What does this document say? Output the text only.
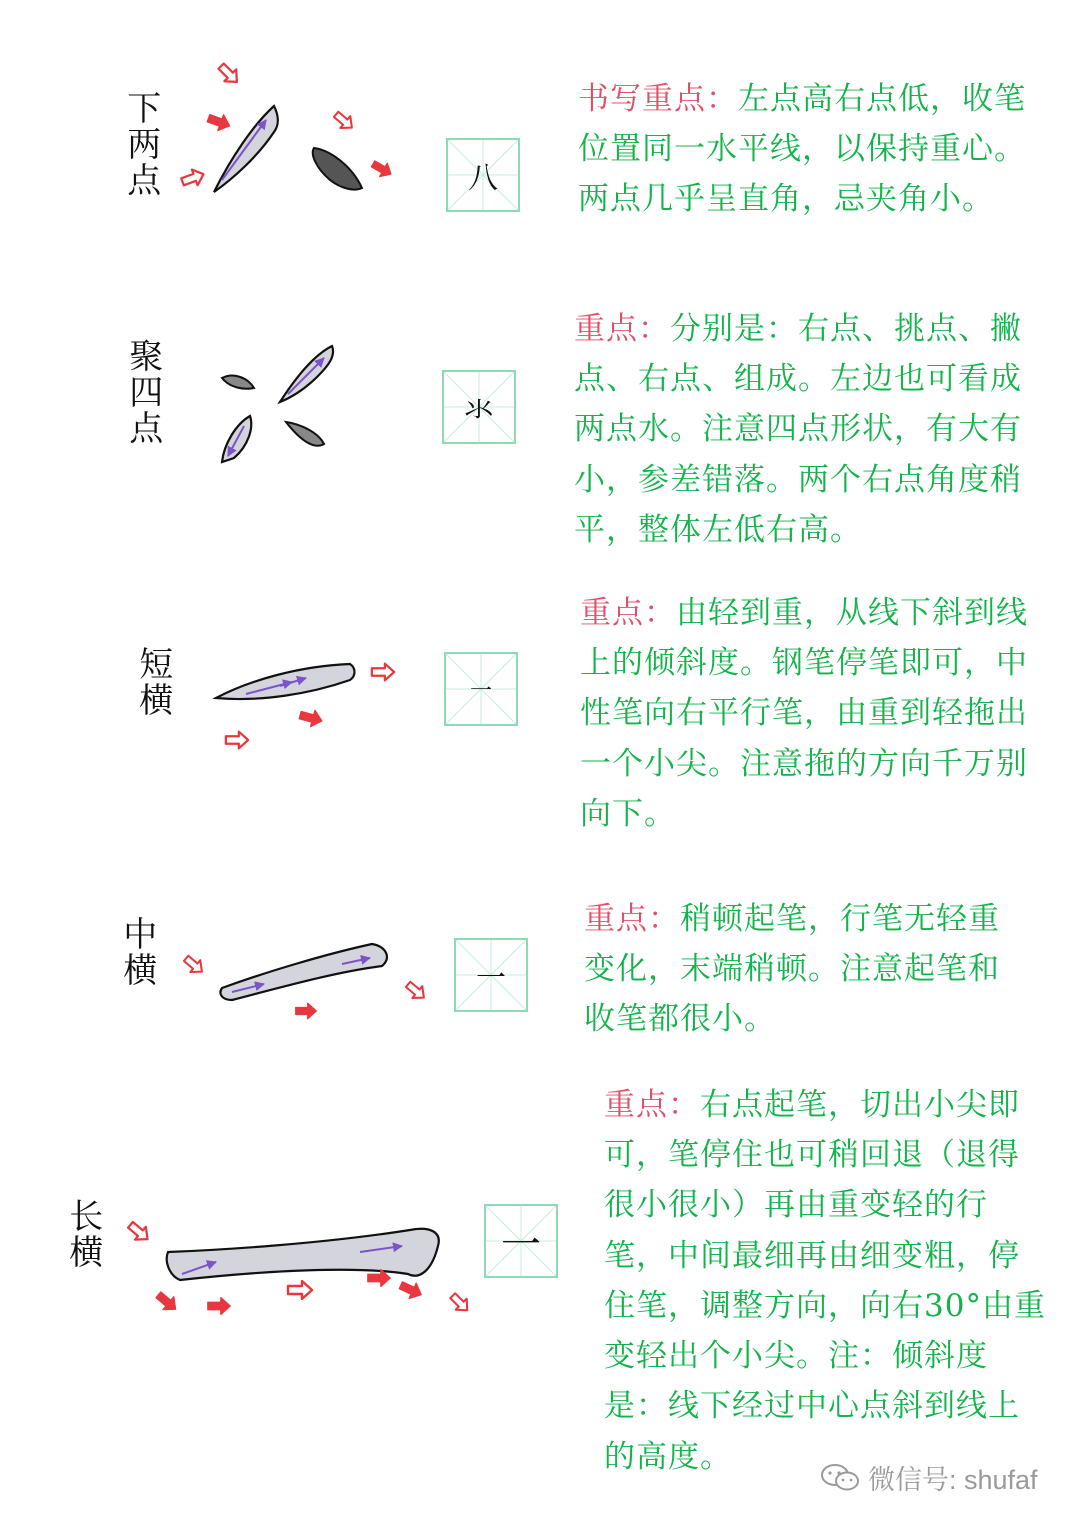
下两点	八
书写重点：左点高右点低，收笔位置同一水平线，以保持重心。两点几乎呈直角，忌夹角小。
聚四点	氺
重点：分别是：右点、挑点、撇点、右点、组成。左边也可看成两点水。注意四点形状，有大有小，参差错落。两个右点角度稍平，整体左低右高。
短横	一
重点：由轻到重，从线下斜到线上的倾斜度。钢笔停笔即可，中性笔向右平行笔，由重到轻拖出一个小尖。注意拖的方向千万别向下。
中横	一
重点：稍顿起笔，行笔无轻重变化，末端稍顿。注意起笔和收笔都很小。
长横	一
重点：右点起笔，切出小尖即可，笔停住也可稍回退（退得很小很小）再由重变轻的行笔，中间最细再由细变粗，停住笔，调整方向，向右30°由重变轻出个小尖。注：倾斜度是：线下经过中心点斜到线上的高度。
微信号: shufaf
